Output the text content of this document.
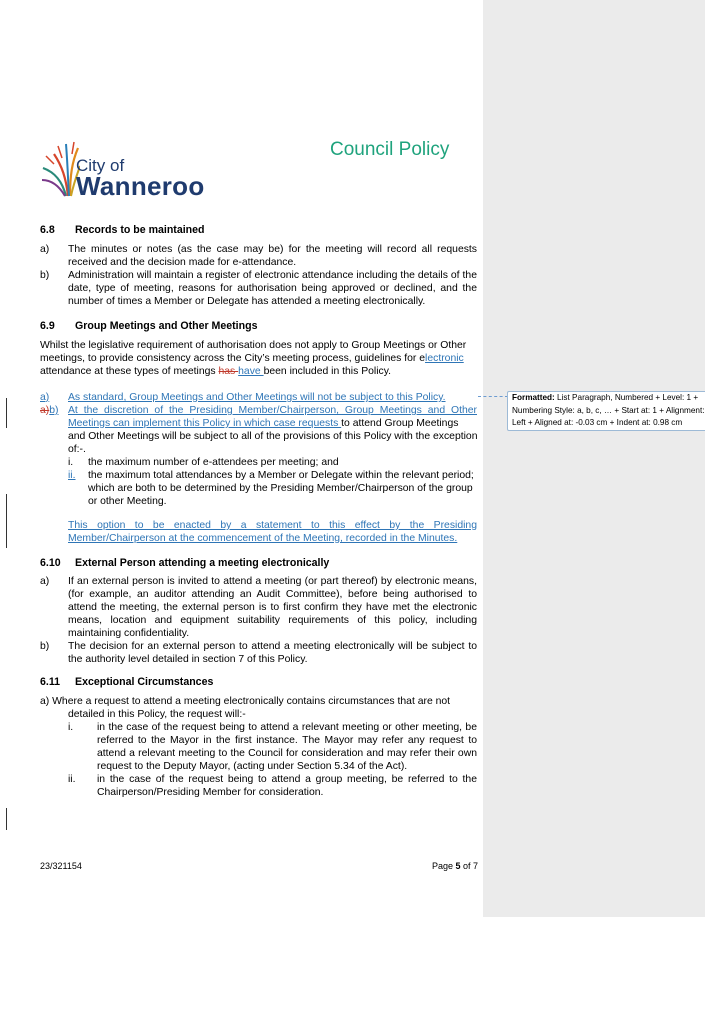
City of
Wanneroo
Council Policy
6.8 Records to be maintained
a) The minutes or notes (as the case may be) for the meeting will record all requests received and the decision made for e-attendance.
b) Administration will maintain a register of electronic attendance including the details of the date, type of meeting, reasons for authorisation being approved or declined, and the number of times a Member or Delegate has attended a meeting electronically.
6.9 Group Meetings and Other Meetings
Whilst the legislative requirement of authorisation does not apply to Group Meetings or Other
meetings, to provide consistency across the City’s meeting process, guidelines for electronic
attendance at these types of meetings has have been included in this Policy.
a) As standard, Group Meetings and Other Meetings will not be subject to this Policy.
a)b) At the discretion of the Presiding Member/Chairperson, Group Meetings and Other
Meetings can implement this Policy in which case requests to attend Group Meetings
and Other Meetings will be subject to all of the provisions of this Policy with the exception
of:-.
i. the maximum number of e-attendees per meeting; and
ii.	the maximum total attendances by a Member or Delegate within the relevant period;
which are both to be determined by the Presiding Member/Chairperson of the group
or other Meeting.
This option to be enacted by a statement to this effect by the Presiding
Member/Chairperson at the commencement of the Meeting, recorded in the Minutes.
6.10 External Person attending a meeting electronically
a) If an external person is invited to attend a meeting (or part thereof) by electronic means, (for example, an auditor attending an Audit Committee), before being authorised to attend the meeting, the external person is to first confirm they have met the electronic means, location and equipment suitability requirements of this policy, including maintaining confidentiality.
b) The decision for an external person to attend a meeting electronically will be subject to the authority level detailed in section 7 of this Policy.
6.11 Exceptional Circumstances
a) Where a request to attend a meeting electronically contains circumstances that are not
detailed in this Policy, the request will:-
i. in the case of the request being to attend a relevant meeting or other meeting, be referred to the Mayor in the first instance. The Mayor may refer any request to attend a relevant meeting to the Council for consideration and may refer their own request to the Deputy Mayor, (acting under Section 5.34 of the Act).
ii. in the case of the request being to attend a group meeting, be referred to the Chairperson/Presiding Member for consideration.
23/321154	Page 5 of 7
Formatted: List Paragraph, Numbered + Level: 1 +
Numbering Style: a, b, c, … + Start at: 1 + Alignment:
Left + Aligned at: -0.03 cm + Indent at: 0.98 cm
